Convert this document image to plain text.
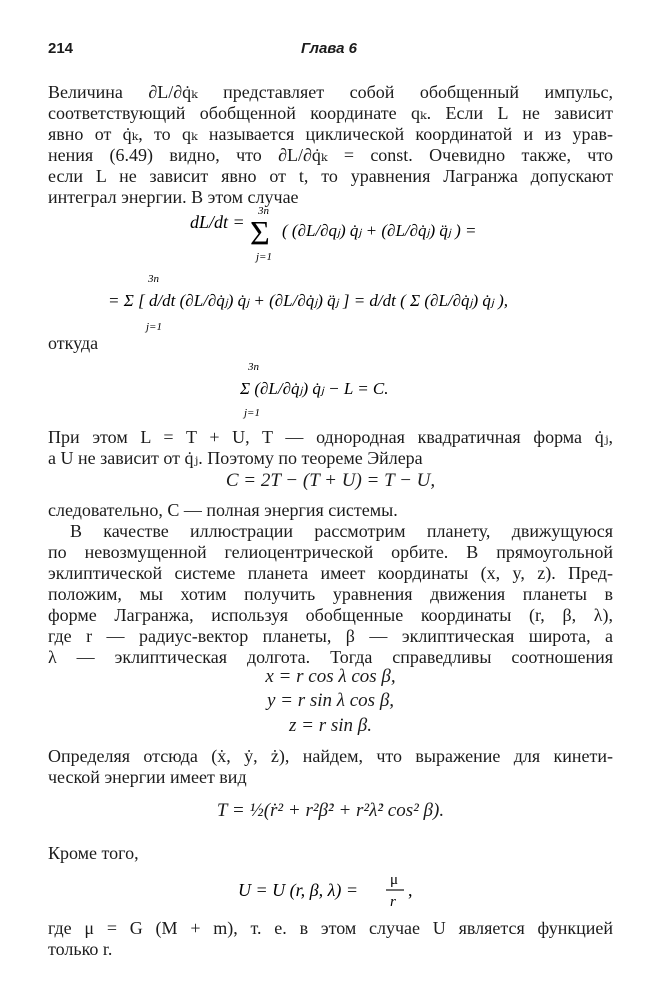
214	Глава 6
Величина ∂L/∂q̇ₖ представляет собой обобщенный импульс,
соответствующий обобщенной координате qₖ. Если L не зависит
явно от q̇ₖ, то qₖ называется циклической координатой и из урав-
нения (6.49) видно, что ∂L/∂q̇ₖ = const. Очевидно также, что
если L не зависит явно от t, то уравнения Лагранжа допускают
интеграл энергии. В этом случае
dL/dt =
3n
Σ
j=1
( (∂L/∂qⱼ) q̇ⱼ + (∂L/∂q̇ⱼ) q̈ⱼ ) =
= Σ [ d/dt (∂L/∂q̇ⱼ) q̇ⱼ + (∂L/∂q̇ⱼ) q̈ⱼ ] = d/dt ( Σ (∂L/∂q̇ⱼ) q̇ⱼ ),
3n
j=1
откуда
3n
j=1
Σ (∂L/∂q̇ⱼ) q̇ⱼ − L = C.
При этом L = T + U, T — однородная квадратичная форма q̇ⱼ,
а U не зависит от q̇ⱼ. Поэтому по теореме Эйлера
C = 2T − (T + U) = T − U,
следовательно, C — полная энергия системы.
В качестве иллюстрации рассмотрим планету, движущуюся
по невозмущенной гелиоцентрической орбите. В прямоугольной
эклиптической системе планета имеет координаты (x, y, z). Пред-
положим, мы хотим получить уравнения движения планеты в
форме Лагранжа, используя обобщенные координаты (r, β, λ),
где r — радиус-вектор планеты, β — эклиптическая широта, а
λ — эклиптическая долгота. Тогда справедливы соотношения
x = r cos λ cos β,
y = r sin λ cos β,
z = r sin β.
Определяя отсюда (ẋ, ẏ, ż), найдем, что выражение для кинети-
ческой энергии имеет вид
T = ½(ṙ² + r²β̇² + r²λ̇² cos² β).
Кроме того,
U = U (r, β, λ) = μ
r
,
где μ = G (M + m), т. е. в этом случае U является функцией
только r.
